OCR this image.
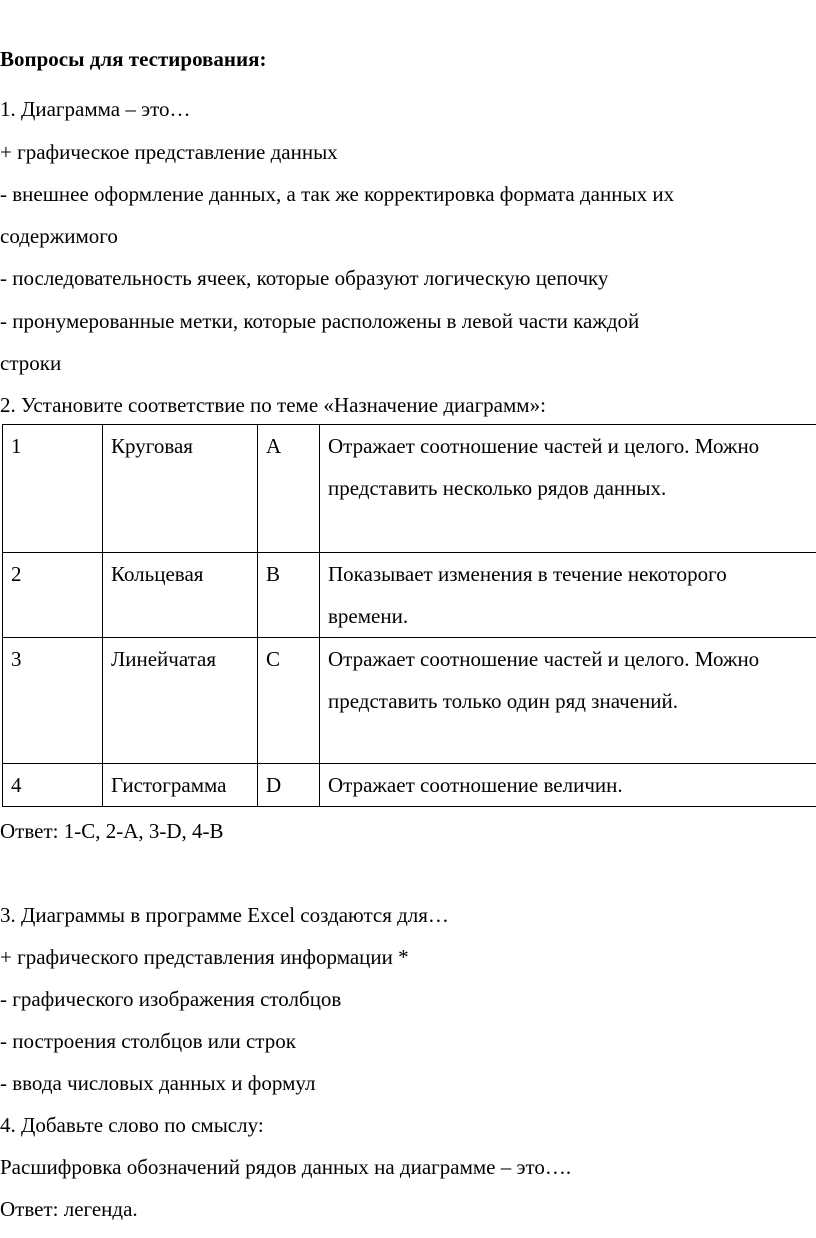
Вопросы для тестирования:
1. Диаграмма – это…
+ графическое представление данных
- внешнее оформление данных, а так же корректировка формата данных их
содержимого
- последовательность ячеек, которые образуют логическую цепочку
- пронумерованные метки, которые расположены в левой части каждой
строки
2. Установите соответствие по теме «Назначение диаграмм»:
1	Круговая	A	Отражает соотношение частей и целого. Можно представить несколько рядов данных.
2	Кольцевая	B	Показывает изменения в течение некоторого времени.
3	Линейчатая	C	Отражает соотношение частей и целого. Можно представить только один ряд значений.
4	Гистограмма	D	Отражает соотношение величин.
Ответ: 1-C, 2-A, 3-D, 4-B
3. Диаграммы в программе Excel создаются для…
+ графического представления информации *
- графического изображения столбцов
- построения столбцов или строк
- ввода числовых данных и формул
4. Добавьте слово по смыслу:
Расшифровка обозначений рядов данных на диаграмме – это….
Ответ: легенда.
